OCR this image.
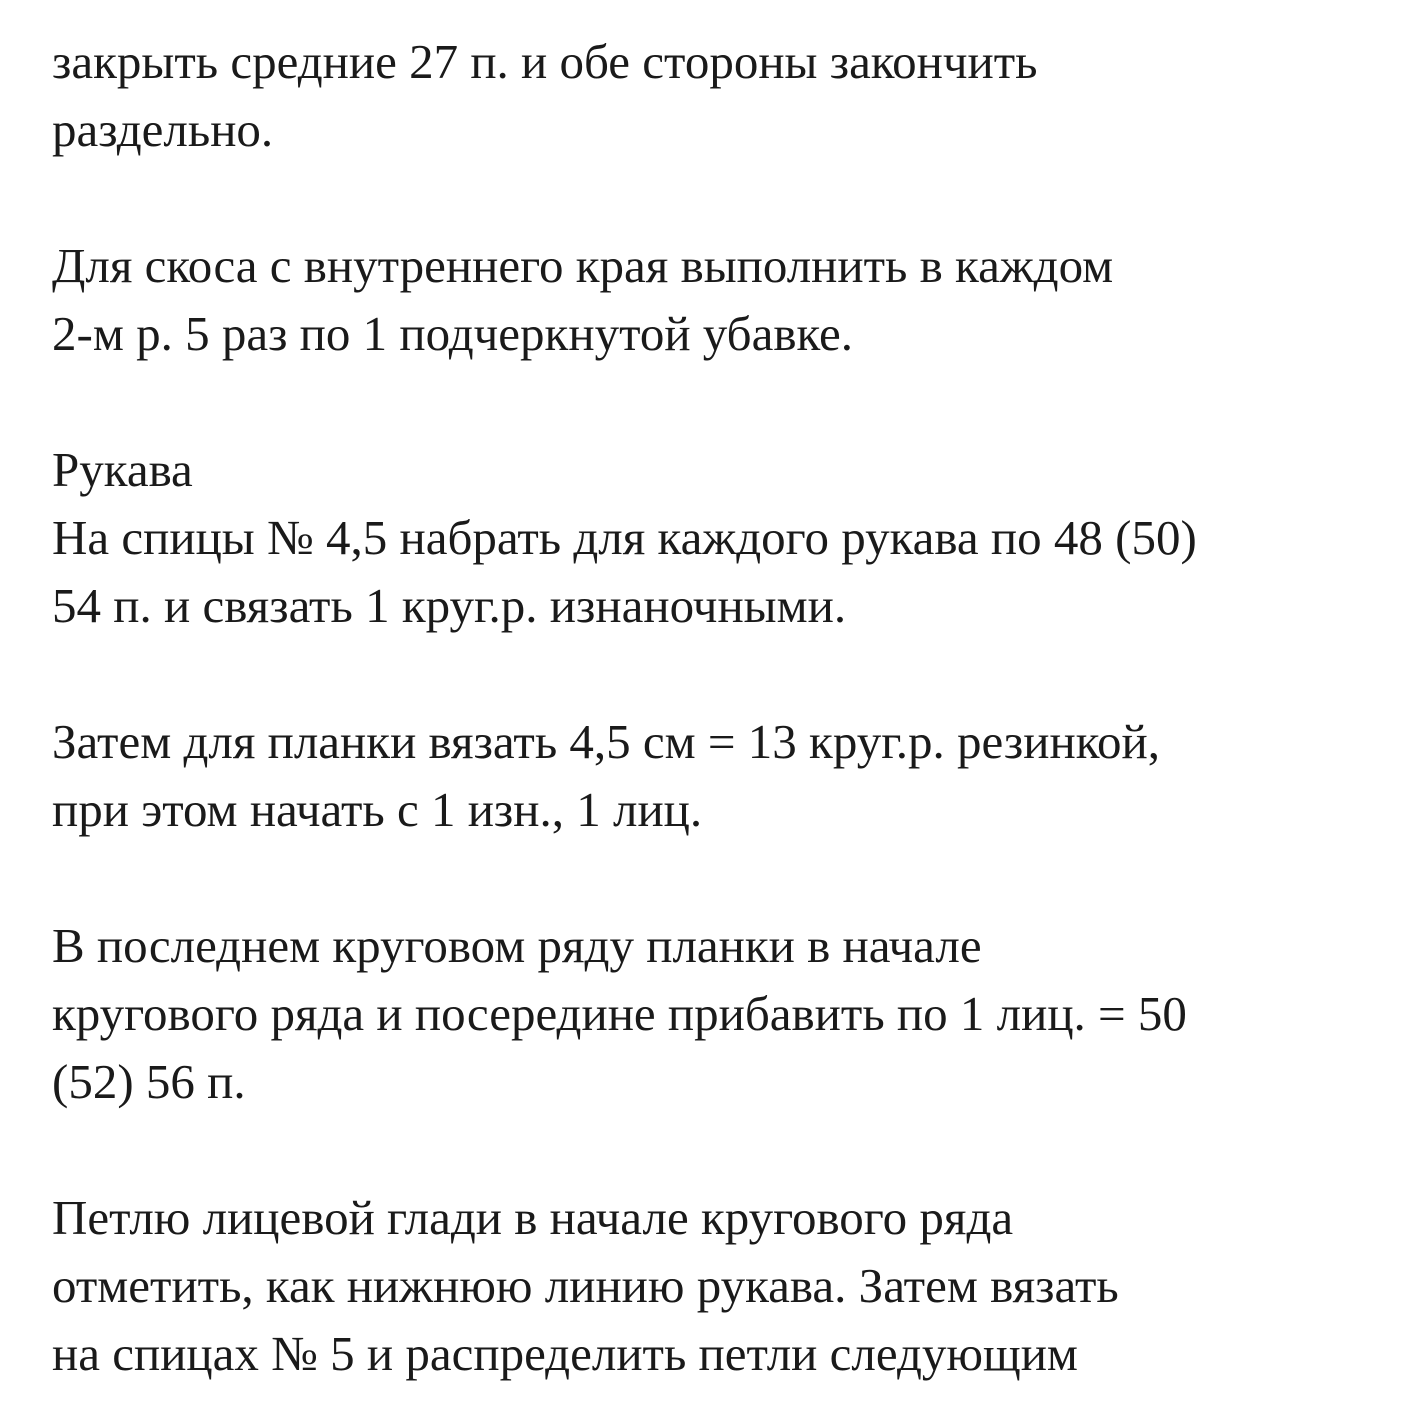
закрыть средние 27 п. и обе стороны закончить
раздельно.
Для скоса с внутреннего края выполнить в каждом
2-м р. 5 раз по 1 подчеркнутой убавке.
Рукава
На спицы № 4,5 набрать для каждого рукава по 48 (50)
54 п. и связать 1 круг.р. изнаночными.
Затем для планки вязать 4,5 см = 13 круг.р. резинкой,
при этом начать с 1 изн., 1 лиц.
В последнем круговом ряду планки в начале
кругового ряда и посередине прибавить по 1 лиц. = 50
(52) 56 п.
Петлю лицевой глади в начале кругового ряда
отметить, как нижнюю линию рукава. Затем вязать
на спицах № 5 и распределить петли следующим
